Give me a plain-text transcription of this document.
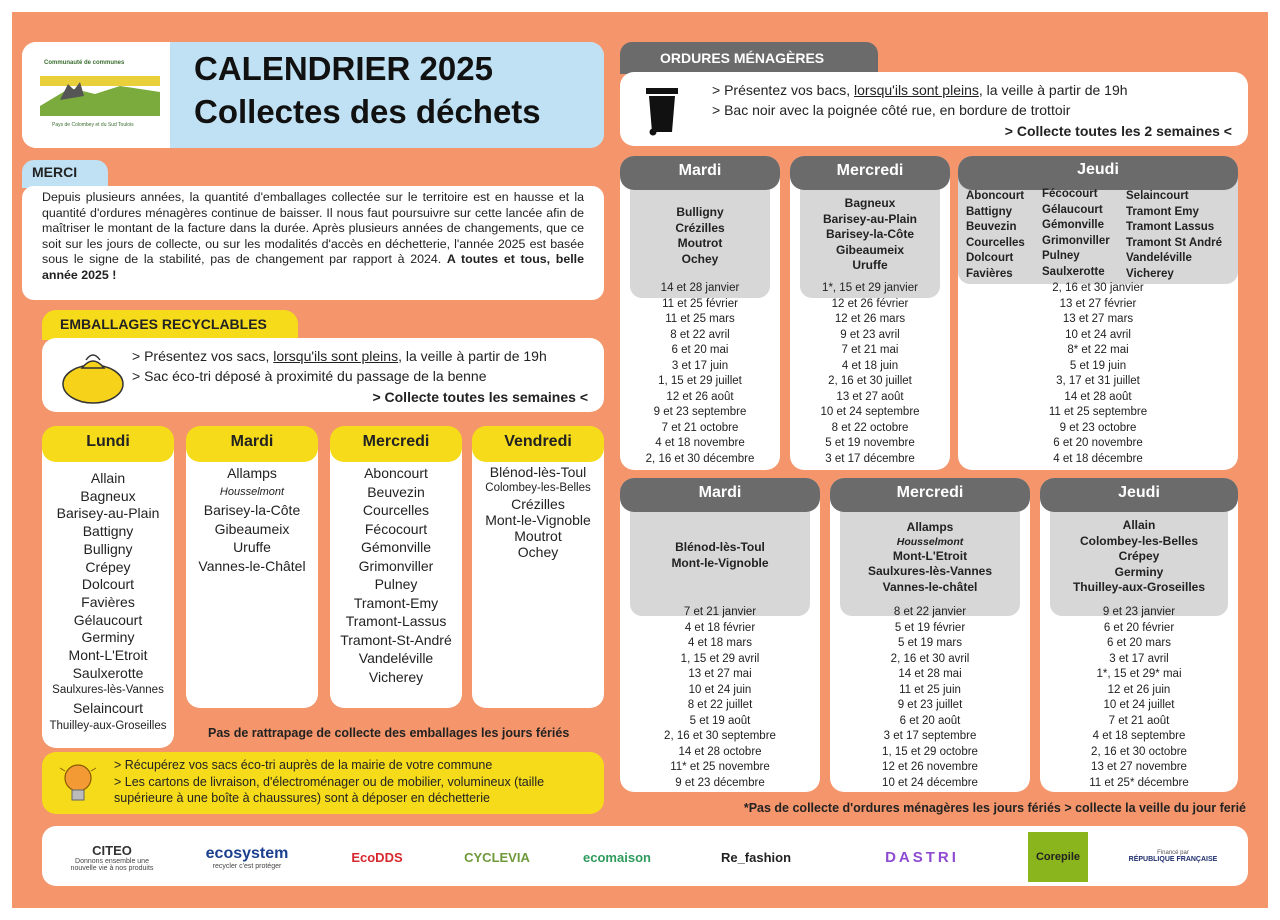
Communauté de communes
Pays de Colombey et du Sud Toulois
CALENDRIER 2025
Collectes des déchets
MERCI

Depuis plusieurs années, la quantité d'emballages collectée sur le territoire est en hausse et la quantité d'ordures ménagères continue de baisser. Il nous faut poursuivre sur cette lancée afin de maîtriser le montant de la facture dans la durée. Après plusieurs années de changements, que ce soit sur les jours de collecte, ou sur les modalités d'accès en déchetterie, l'année 2025 est basée sous le signe de la stabilité, pas de changement par rapport à 2024. A toutes et tous, belle année 2025 !

EMBALLAGES RECYCLABLES
> Présentez vos sacs, lorsqu'ils sont pleins, la veille à partir de 19h
> Sac éco-tri déposé à proximité du passage de la benne
> Collecte toutes les semaines <
Lundi
Allain
Bagneux
Barisey-au-Plain
Battigny
Bulligny
Crépey
Dolcourt
Favières
Gélaucourt
Germiny
Mont-L'Etroit
Saulxerotte
Saulxures-lès-Vannes
Selaincourt
Thuilley-aux-Groseilles
Mardi
Allamps
Housselmont
Barisey-la-Côte
Gibeaumeix
Uruffe
Vannes-le-Châtel
Mercredi
Aboncourt
Beuvezin
Courcelles
Fécocourt
Gémonville
Grimonviller
Pulney
Tramont-Emy
Tramont-Lassus
Tramont-St-André
Vandeléville
Vicherey
Vendredi
Blénod-lès-Toul
Colombey-les-Belles
Crézilles
Mont-le-Vignoble
Moutrot
Ochey
Pas de rattrapage de collecte des emballages les jours fériés
> Récupérez vos sacs éco-tri auprès de la mairie de votre commune
> Les cartons de livraison, d'électroménager ou de mobilier, volumineux (taille supérieure à une boîte à chaussures) sont à déposer en déchetterie
ORDURES MÉNAGÈRES
> Présentez vos bacs, lorsqu'ils sont pleins, la veille à partir de 19h
> Bac noir avec la poignée côté rue, en bordure de trottoir
> Collecte toutes les 2 semaines <
Mardi
Bulligny
Crézilles
Moutrot
Ochey
14 et 28 janvier
11 et 25 février
11 et 25 mars
8 et 22 avril
6 et 20 mai
3 et 17 juin
1, 15 et 29 juillet
12 et 26 août
9 et 23 septembre
7 et 21 octobre
4 et 18 novembre
2, 16 et 30 décembre
Mercredi
Bagneux
Barisey-au-Plain
Barisey-la-Côte
Gibeaumeix
Uruffe
1*, 15 et 29 janvier
12 et 26 février
12 et 26 mars
9 et 23 avril
7 et 21 mai
4 et 18 juin
2, 16 et 30 juillet
13 et 27 août
10 et 24 septembre
8 et 22 octobre
5 et 19 novembre
3 et 17 décembre
Jeudi
Aboncourt
Battigny
Beuvezin
Courcelles
Dolcourt
Favières
Fécocourt
Gélaucourt
Gémonville
Grimonviller
Pulney
Saulxerotte
Selaincourt
Tramont Emy
Tramont Lassus
Tramont St André
Vandeléville
Vicherey
2, 16 et 30 janvier
13 et 27 février
13 et 27 mars
10 et 24 avril
8* et 22 mai
5 et 19 juin
3, 17 et 31 juillet
14 et 28 août
11 et 25 septembre
9 et 23 octobre
6 et 20 novembre
4 et 18 décembre
Mardi
Blénod-lès-Toul
Mont-le-Vignoble
7 et 21 janvier
4 et 18 février
4 et 18 mars
1, 15 et 29 avril
13 et 27 mai
10 et 24 juin
8 et 22 juillet
5 et 19 août
2, 16 et 30 septembre
14 et 28 octobre
11* et 25 novembre
9 et 23 décembre
Mercredi
Allamps
Housselmont
Mont-L'Etroit
Saulxures-lès-Vannes
Vannes-le-châtel
8 et 22 janvier
5 et 19 février
5 et 19 mars
2, 16 et 30 avril
14 et 28 mai
11 et 25 juin
9 et 23 juillet
6 et 20 août
3 et 17 septembre
1, 15 et 29 octobre
12 et 26 novembre
10 et 24 décembre
Jeudi
Allain
Colombey-les-Belles
Crépey
Germiny
Thuilley-aux-Groseilles
9 et 23 janvier
6 et 20 février
6 et 20 mars
3 et 17 avril
1*, 15 et 29* mai
12 et 26 juin
10 et 24 juillet
7 et 21 août
4 et 18 septembre
2, 16 et 30 octobre
13 et 27 novembre
11 et 25* décembre
*Pas de collecte d'ordures ménagères les jours fériés > collecte la veille du jour ferié
CITEO
Donnons ensemble une nouvelle vie à nos produits
ecosystem
recycler c'est protéger
EcoDDS	CYCLEVIA	ecomaison	Re_fashion	DASTRI	Corepile	Financé par
RÉPUBLIQUE FRANÇAISE
